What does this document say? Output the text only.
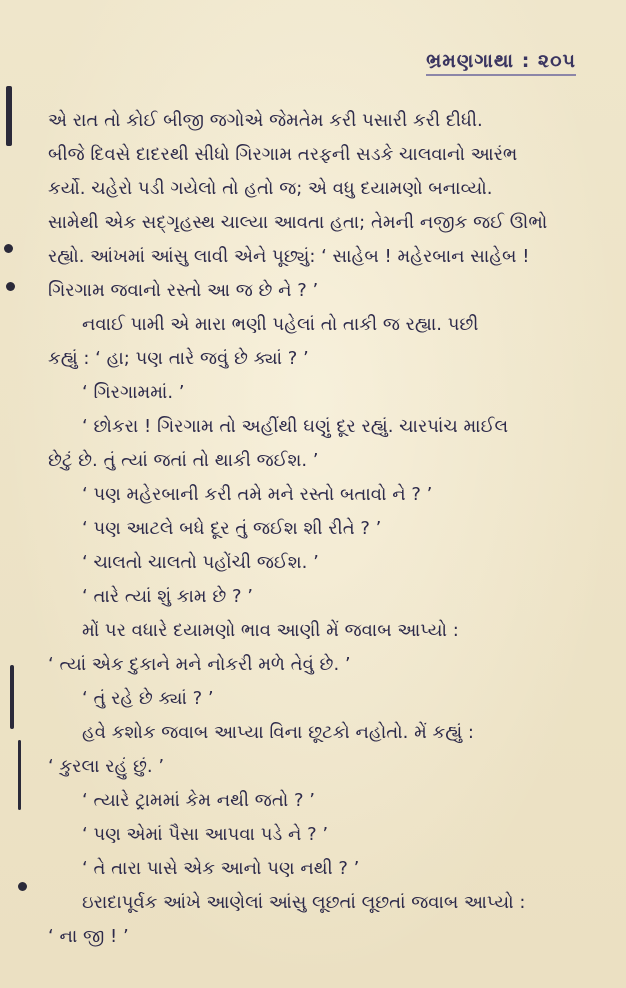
ભ્રમણગાથા : ૨૦૫
એ રાત તો કોઈ બીજી જગોએ જેમતેમ કરી પસારી કરી દીધી.
બીજે દિવસે દાદરથી સીધો ગિરગામ તરફની સડકે ચાલવાનો આરંભ
કર્યો. ચહેરો પડી ગયેલો તો હતો જ; એ વધુ દયામણો બનાવ્યો.
સામેથી એક સદ્‌ગૃહસ્થ ચાલ્યા આવતા હતા; તેમની નજીક જઈ ઊભો
રહ્યો. આંખમાં આંસુ લાવી એને પૂછ્યું: ‘ સાહેબ ! મહેરબાન સાહેબ !
ગિરગામ જવાનો રસ્તો આ જ છે ને ? ’
નવાઈ પામી એ મારા ભણી પહેલાં તો તાકી જ રહ્યા. પછી
કહ્યું : ‘ હા; પણ તારે જવું છે ક્યાં ? ’
‘ ગિરગામમાં. ’
‘ છોકરા ! ગિરગામ તો અહીંથી ઘણું દૂર રહ્યું. ચારપાંચ માઈલ
છેટું છે. તું ત્યાં જતાં તો થાકી જઈશ. ’
‘ પણ મહેરબાની કરી તમે મને રસ્તો બતાવો ને ? ’
‘ પણ આટલે બધે દૂર તું જઈશ શી રીતે ? ’
‘ ચાલતો ચાલતો પહોંચી જઈશ. ’
‘ તારે ત્યાં શું કામ છે ? ’
મોં પર વધારે દયામણો ભાવ આણી મેં જવાબ આપ્યો :
‘ ત્યાં એક દુકાને મને નોકરી મળે તેવું છે. ’
‘ તું રહે છે ક્યાં ? ’
હવે કશોક જવાબ આપ્યા વિના છૂટકો નહોતો. મેં કહ્યું :
‘ કુરલા રહું છું. ’
‘ ત્યારે ટ્રામમાં કેમ નથી જતો ? ’
‘ પણ એમાં પૈસા આપવા પડે ને ? ’
‘ તે તારા પાસે એક આનો પણ નથી ? ’
ઇરાદાપૂર્વક આંખે આણેલાં આંસુ લૂછતાં લૂછતાં જવાબ આપ્યો :
‘ ના જી ! ’
